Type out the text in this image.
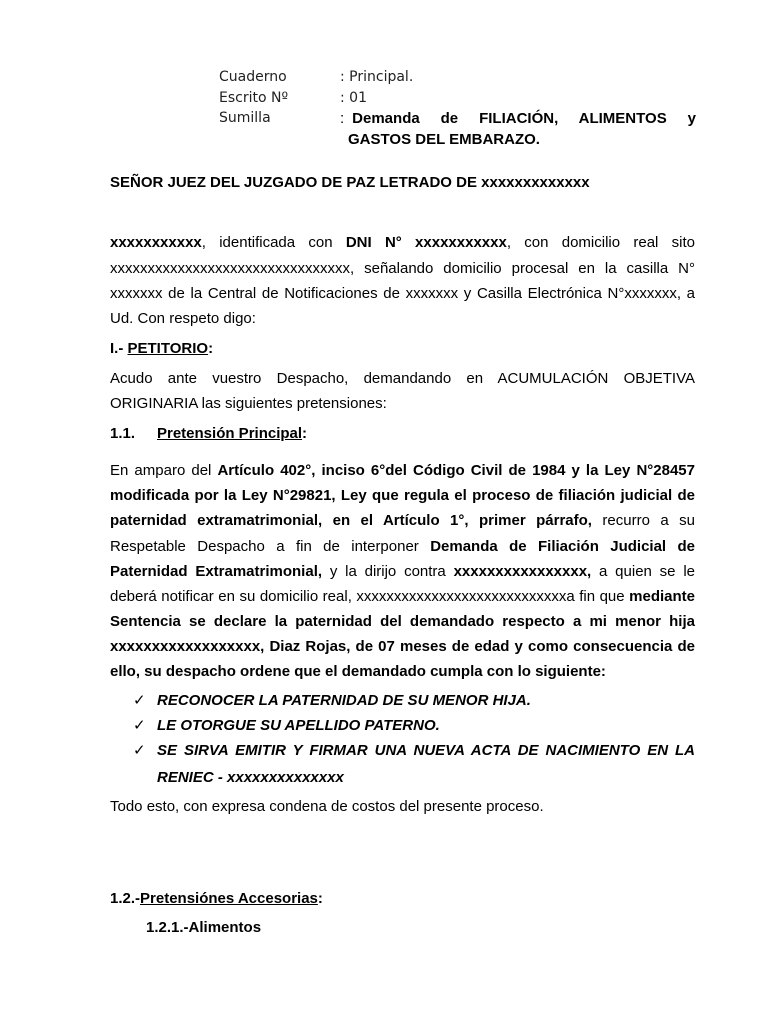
Cuaderno	: Principal.
Escrito Nº	: 01
Sumilla	: Demanda de FILIACIÓN, ALIMENTOS y
GASTOS DEL EMBARAZO.
SEÑOR JUEZ DEL JUZGADO DE PAZ LETRADO DE xxxxxxxxxxxxx
xxxxxxxxxxx, identificada con DNI N° xxxxxxxxxxx, con domicilio real sito
xxxxxxxxxxxxxxxxxxxxxxxxxxxxxxxx, señalando domicilio procesal en la casilla N°
xxxxxxx de la Central de Notificaciones de xxxxxxx y Casilla Electrónica N°xxxxxxx, a
Ud. Con respeto digo:
I.- PETITORIO:
Acudo ante vuestro Despacho, demandando en ACUMULACIÓN OBJETIVA
ORIGINARIA las siguientes pretensiones:
1.1. Pretensión Principal:
En amparo del Artículo 402°, inciso 6°del Código Civil de 1984 y la Ley N°28457
modificada por la Ley N°29821, Ley que regula el proceso de filiación judicial de
paternidad extramatrimonial, en el Artículo 1°, primer párrafo, recurro a su
Respetable Despacho a fin de interponer Demanda de Filiación Judicial de
Paternidad Extramatrimonial, y la dirijo contra xxxxxxxxxxxxxxxx, a quien se le
deberá notificar en su domicilio real, xxxxxxxxxxxxxxxxxxxxxxxxxxxxa fin que mediante
Sentencia se declare la paternidad del demandado respecto a mi menor hija
xxxxxxxxxxxxxxxxxx, Diaz Rojas, de 07 meses de edad y como consecuencia de
ello, su despacho ordene que el demandado cumpla con lo siguiente:
✓ RECONOCER LA PATERNIDAD DE SU MENOR HIJA.
✓ LE OTORGUE SU APELLIDO PATERNO.
✓ SE SIRVA EMITIR Y FIRMAR UNA NUEVA ACTA DE NACIMIENTO EN LA
RENIEC - xxxxxxxxxxxxxx
Todo esto, con expresa condena de costos del presente proceso.
1.2.-Pretensiónes Accesorias:
1.2.1.-Alimentos
